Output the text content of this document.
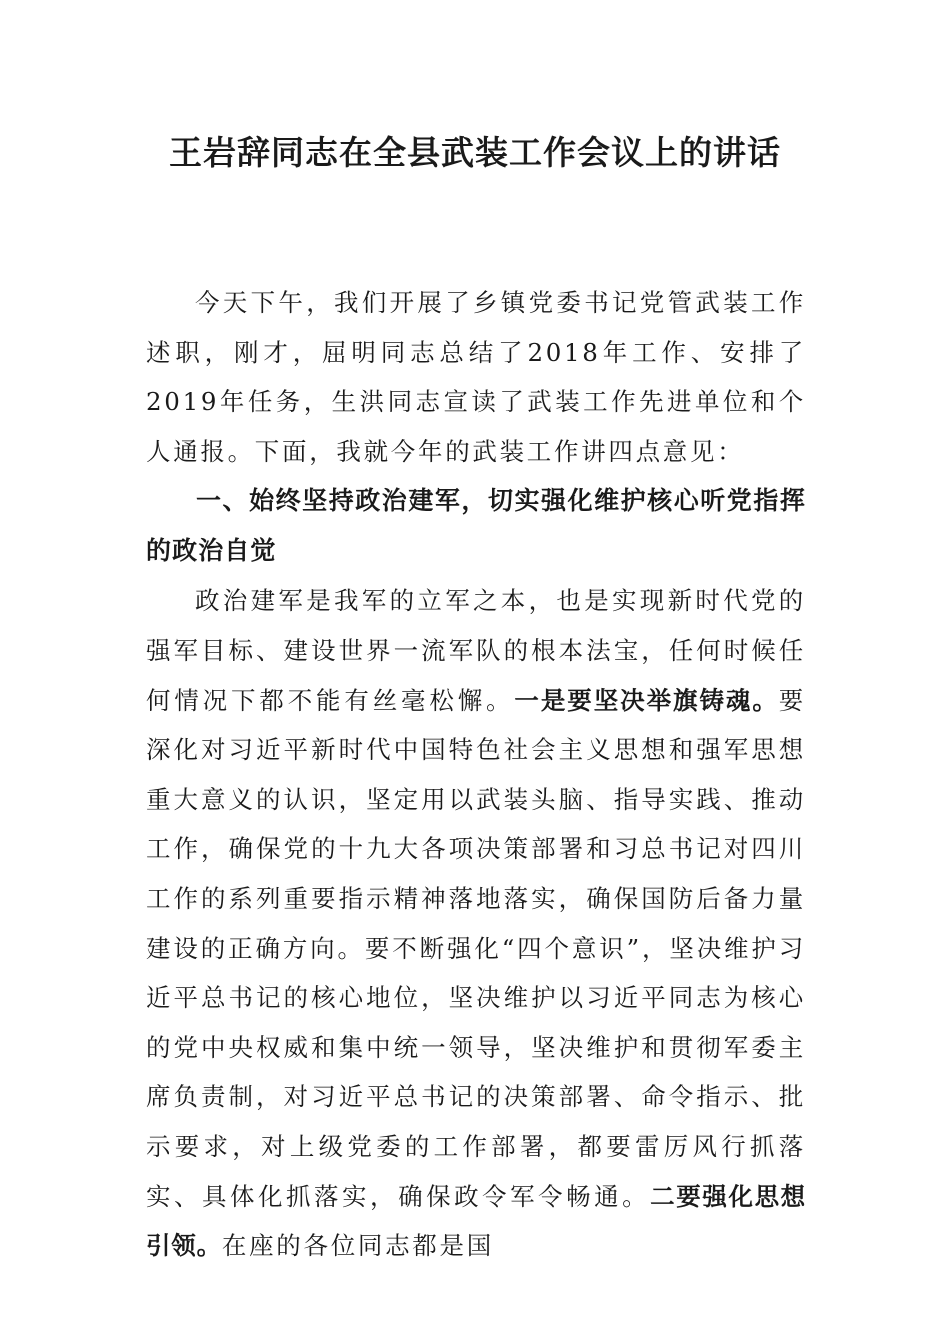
王岩辞同志在全县武装工作会议上的讲话

今天下午，我们开展了乡镇党委书记党管武装工作述职，刚才，屈明同志总结了2018年工作、安排了2019年任务，生洪同志宣读了武装工作先进单位和个人通报。下面，我就今年的武装工作讲四点意见：

一、始终坚持政治建军，切实强化维护核心听党指挥的政治自觉

政治建军是我军的立军之本，也是实现新时代党的强军目标、建设世界一流军队的根本法宝，任何时候任何情况下都不能有丝毫松懈。一是要坚决举旗铸魂。要深化对习近平新时代中国特色社会主义思想和强军思想重大意义的认识，坚定用以武装头脑、指导实践、推动工作，确保党的十九大各项决策部署和习总书记对四川工作的系列重要指示精神落地落实，确保国防后备力量建设的正确方向。要不断强化“四个意识”，坚决维护习近平总书记的核心地位，坚决维护以习近平同志为核心的党中央权威和集中统一领导，坚决维护和贯彻军委主席负责制，对习近平总书记的决策部署、命令指示、批示要求，对上级党委的工作部署，都要雷厉风行抓落实、具体化抓落实，确保政令军令畅通。二要强化思想引领。在座的各位同志都是国
